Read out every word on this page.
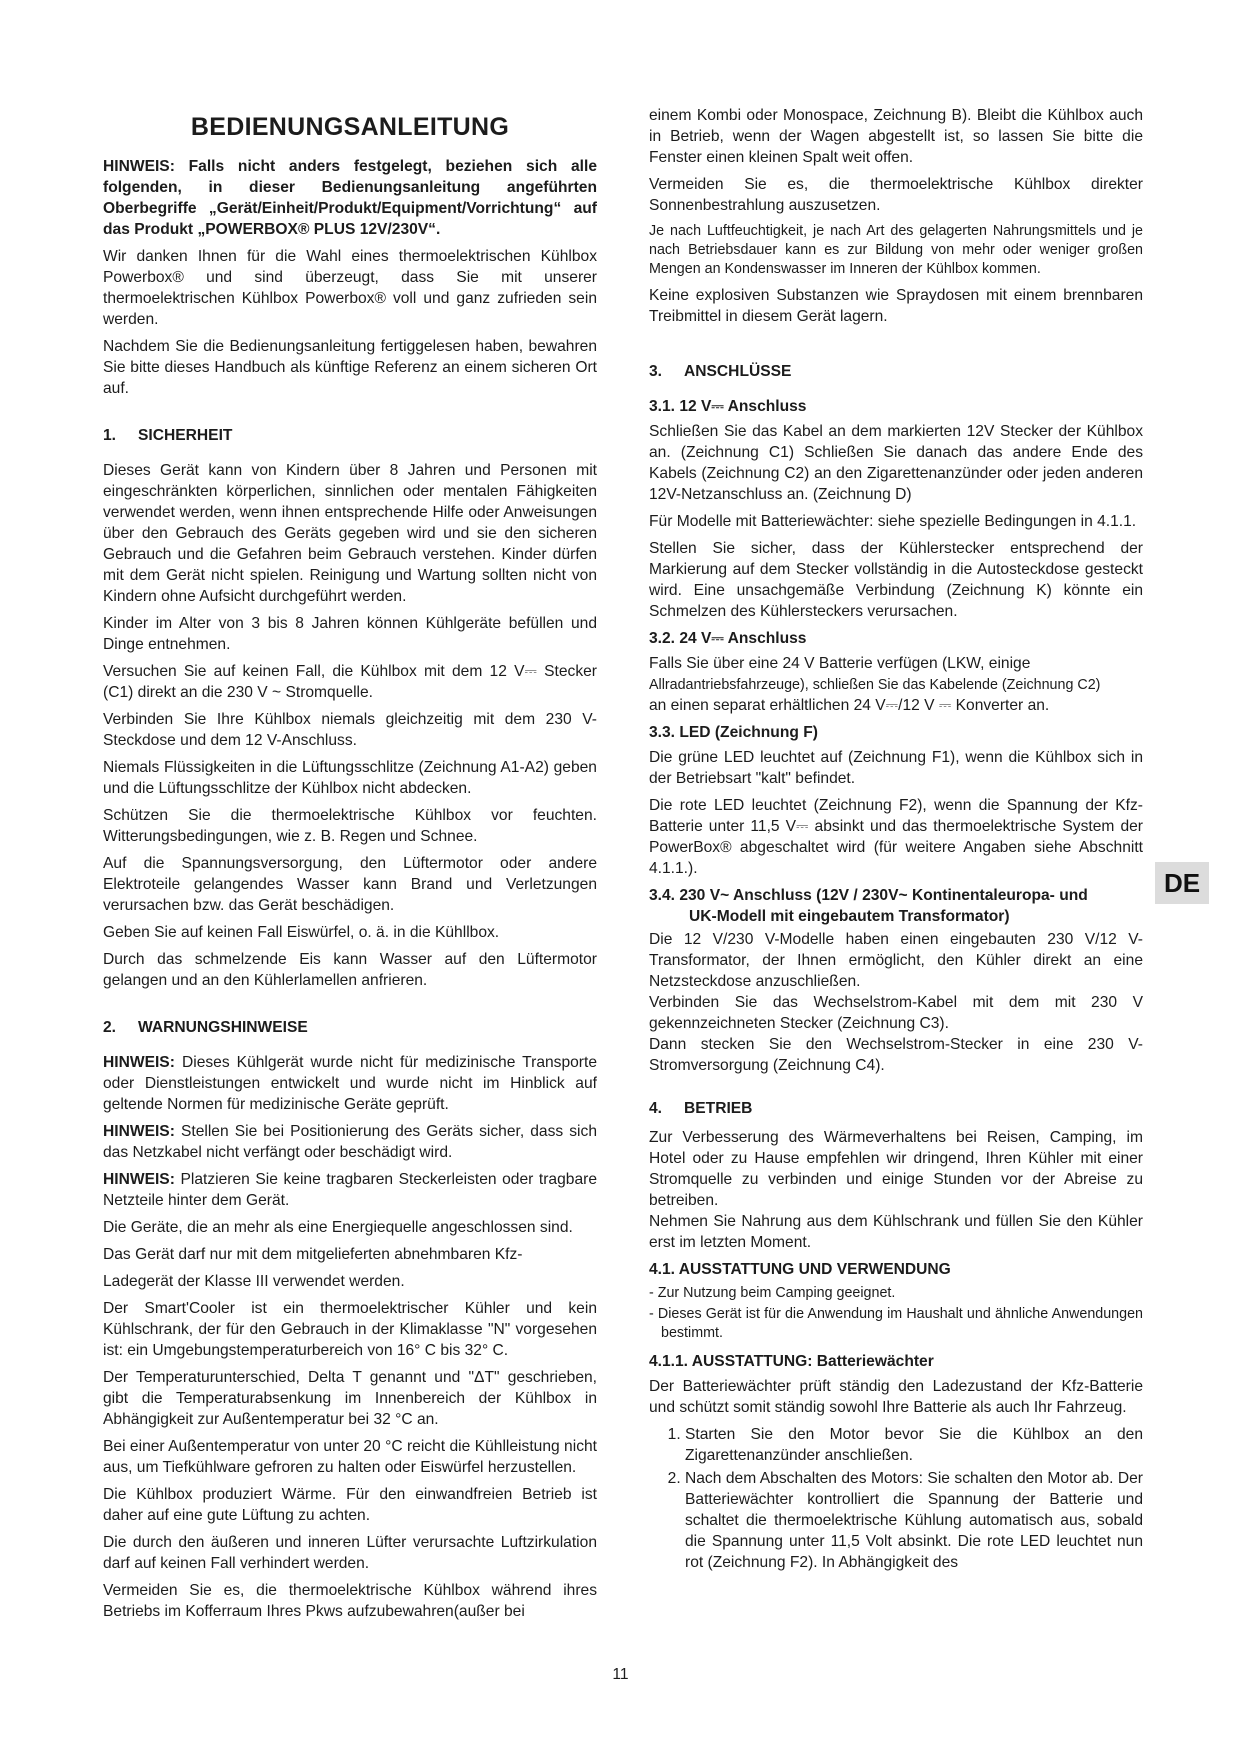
BEDIENUNGSANLEITUNG

HINWEIS: Falls nicht anders festgelegt, beziehen sich alle folgenden, in dieser Bedienungsanleitung angeführten Oberbegriffe „Gerät/Einheit/Produkt/Equipment/Vorrichtung“ auf das Produkt „POWERBOX® PLUS 12V/230V“.

Wir danken Ihnen für die Wahl eines thermoelektrischen Kühlbox Powerbox® und sind überzeugt, dass Sie mit unserer thermoelektrischen Kühlbox Powerbox® voll und ganz zufrieden sein werden.

Nachdem Sie die Bedienungsanleitung fertiggelesen haben, bewahren Sie bitte dieses Handbuch als künftige Referenz an einem sicheren Ort auf.

1. SICHERHEIT

Dieses Gerät kann von Kindern über 8 Jahren und Personen mit eingeschränkten körperlichen, sinnlichen oder mentalen Fähigkeiten verwendet werden, wenn ihnen entsprechende Hilfe oder Anweisungen über den Gebrauch des Geräts gegeben wird und sie den sicheren Gebrauch und die Gefahren beim Gebrauch verstehen. Kinder dürfen mit dem Gerät nicht spielen. Reinigung und Wartung sollten nicht von Kindern ohne Aufsicht durchgeführt werden.

Kinder im Alter von 3 bis 8 Jahren können Kühlgeräte befüllen und Dinge entnehmen.

Versuchen Sie auf keinen Fall, die Kühlbox mit dem 12 V⎓ Stecker (C1) direkt an die 230 V ~ Stromquelle.

Verbinden Sie Ihre Kühlbox niemals gleichzeitig mit dem 230 V-Steckdose und dem 12 V-Anschluss.

Niemals Flüssigkeiten in die Lüftungsschlitze (Zeichnung A1-A2) geben und die Lüftungsschlitze der Kühlbox nicht abdecken.

Schützen Sie die thermoelektrische Kühlbox vor feuchten. Witterungsbedingungen, wie z. B. Regen und Schnee.

Auf die Spannungsversorgung, den Lüftermotor oder andere Elektroteile gelangendes Wasser kann Brand und Verletzungen verursachen bzw. das Gerät beschädigen.

Geben Sie auf keinen Fall Eiswürfel, o. ä. in die Kühllbox.

Durch das schmelzende Eis kann Wasser auf den Lüftermotor gelangen und an den Kühlerlamellen anfrieren.

2. WARNUNGSHINWEISE

HINWEIS: Dieses Kühlgerät wurde nicht für medizinische Transporte oder Dienstleistungen entwickelt und wurde nicht im Hinblick auf geltende Normen für medizinische Geräte geprüft.

HINWEIS: Stellen Sie bei Positionierung des Geräts sicher, dass sich das Netzkabel nicht verfängt oder beschädigt wird.

HINWEIS: Platzieren Sie keine tragbaren Steckerleisten oder tragbare Netzteile hinter dem Gerät.

Die Geräte, die an mehr als eine Energiequelle angeschlossen sind.

Das Gerät darf nur mit dem mitgelieferten abnehmbaren Kfz-

Ladegerät der Klasse III verwendet werden.

Der Smart'Cooler ist ein thermoelektrischer Kühler und kein Kühlschrank, der für den Gebrauch in der Klimaklasse "N" vorgesehen ist: ein Umgebungstemperaturbereich von 16° C bis 32° C.

Der Temperaturunterschied, Delta T genannt und "ΔT" geschrieben, gibt die Temperaturabsenkung im Innenbereich der Kühlbox in Abhängigkeit zur Außentemperatur bei 32 °C an.

Bei einer Außentemperatur von unter 20 °C reicht die Kühlleistung nicht aus, um Tiefkühlware gefroren zu halten oder Eiswürfel herzustellen.

Die Kühlbox produziert Wärme. Für den einwandfreien Betrieb ist daher auf eine gute Lüftung zu achten.

Die durch den äußeren und inneren Lüfter verursachte Luftzirkulation darf auf keinen Fall verhindert werden.

Vermeiden Sie es, die thermoelektrische Kühlbox während ihres Betriebs im Kofferraum Ihres Pkws aufzubewahren(außer bei

einem Kombi oder Monospace, Zeichnung B). Bleibt die Kühlbox auch in Betrieb, wenn der Wagen abgestellt ist, so lassen Sie bitte die Fenster einen kleinen Spalt weit offen.

Vermeiden Sie es, die thermoelektrische Kühlbox direkter Sonnenbestrahlung auszusetzen.

Je nach Luftfeuchtigkeit, je nach Art des gelagerten Nahrungsmittels und je nach Betriebsdauer kann es zur Bildung von mehr oder weniger großen Mengen an Kondenswasser im Inneren der Kühlbox kommen.

Keine explosiven Substanzen wie Spraydosen mit einem brennbaren Treibmittel in diesem Gerät lagern.

3. ANSCHLÜSSE
3.1. 12 V⎓ Anschluss

Schließen Sie das Kabel an dem markierten 12V Stecker der Kühlbox an. (Zeichnung C1) Schließen Sie danach das andere Ende des Kabels (Zeichnung C2) an den Zigarettenanzünder oder jeden anderen 12V-Netzanschluss an. (Zeichnung D)

Für Modelle mit Batteriewächter: siehe spezielle Bedingungen in 4.1.1.

Stellen Sie sicher, dass der Kühlerstecker entsprechend der Markierung auf dem Stecker vollständig in die Autosteckdose gesteckt wird. Eine unsachgemäße Verbindung (Zeichnung K) könnte ein Schmelzen des Kühlersteckers verursachen.

3.2. 24 V⎓ Anschluss

Falls Sie über eine 24 V Batterie verfügen (LKW, einige
Allradantriebsfahrzeuge), schließen Sie das Kabelende (Zeichnung C2)
an einen separat erhältlichen 24 V⎓/12 V ⎓ Konverter an.

3.3. LED (Zeichnung F)

Die grüne LED leuchtet auf (Zeichnung F1), wenn die Kühlbox sich in der Betriebsart "kalt" befindet.

Die rote LED leuchtet (Zeichnung F2), wenn die Spannung der Kfz-Batterie unter 11,5 V⎓ absinkt und das thermoelektrische System der PowerBox® abgeschaltet wird (für weitere Angaben siehe Abschnitt 4.1.1.).

3.4. 230 V~ Anschluss (12V / 230V~ Kontinentaleuropa- und
UK-Modell mit eingebautem Transformator)

Die 12 V/230 V-Modelle haben einen eingebauten 230 V/12 V-Transformator, der Ihnen ermöglicht, den Kühler direkt an eine Netzsteckdose anzuschließen.

Verbinden Sie das Wechselstrom-Kabel mit dem mit 230 V gekennzeichneten Stecker (Zeichnung C3).

Dann stecken Sie den Wechselstrom-Stecker in eine 230 V-Stromversorgung (Zeichnung C4).

4. BETRIEB

Zur Verbesserung des Wärmeverhaltens bei Reisen, Camping, im Hotel oder zu Hause empfehlen wir dringend, Ihren Kühler mit einer Stromquelle zu verbinden und einige Stunden vor der Abreise zu betreiben.

Nehmen Sie Nahrung aus dem Kühlschrank und füllen Sie den Kühler erst im letzten Moment.

4.1. AUSSTATTUNG UND VERWENDUNG

- Zur Nutzung beim Camping geeignet.

- Dieses Gerät ist für die Anwendung im Haushalt und ähnliche Anwendungen bestimmt.

4.1.1. AUSSTATTUNG: Batteriewächter

Der Batteriewächter prüft ständig den Ladezustand der Kfz-Batterie und schützt somit ständig sowohl Ihre Batterie als auch Ihr Fahrzeug.

1. Starten Sie den Motor bevor Sie die Kühlbox an den Zigarettenanzünder anschließen.
2. Nach dem Abschalten des Motors: Sie schalten den Motor ab. Der Batteriewächter kontrolliert die Spannung der Batterie und schaltet die thermoelektrische Kühlung automatisch aus, sobald die Spannung unter 11,5 Volt absinkt. Die rote LED leuchtet nun rot (Zeichnung F2). In Abhängigkeit des
DE
11
